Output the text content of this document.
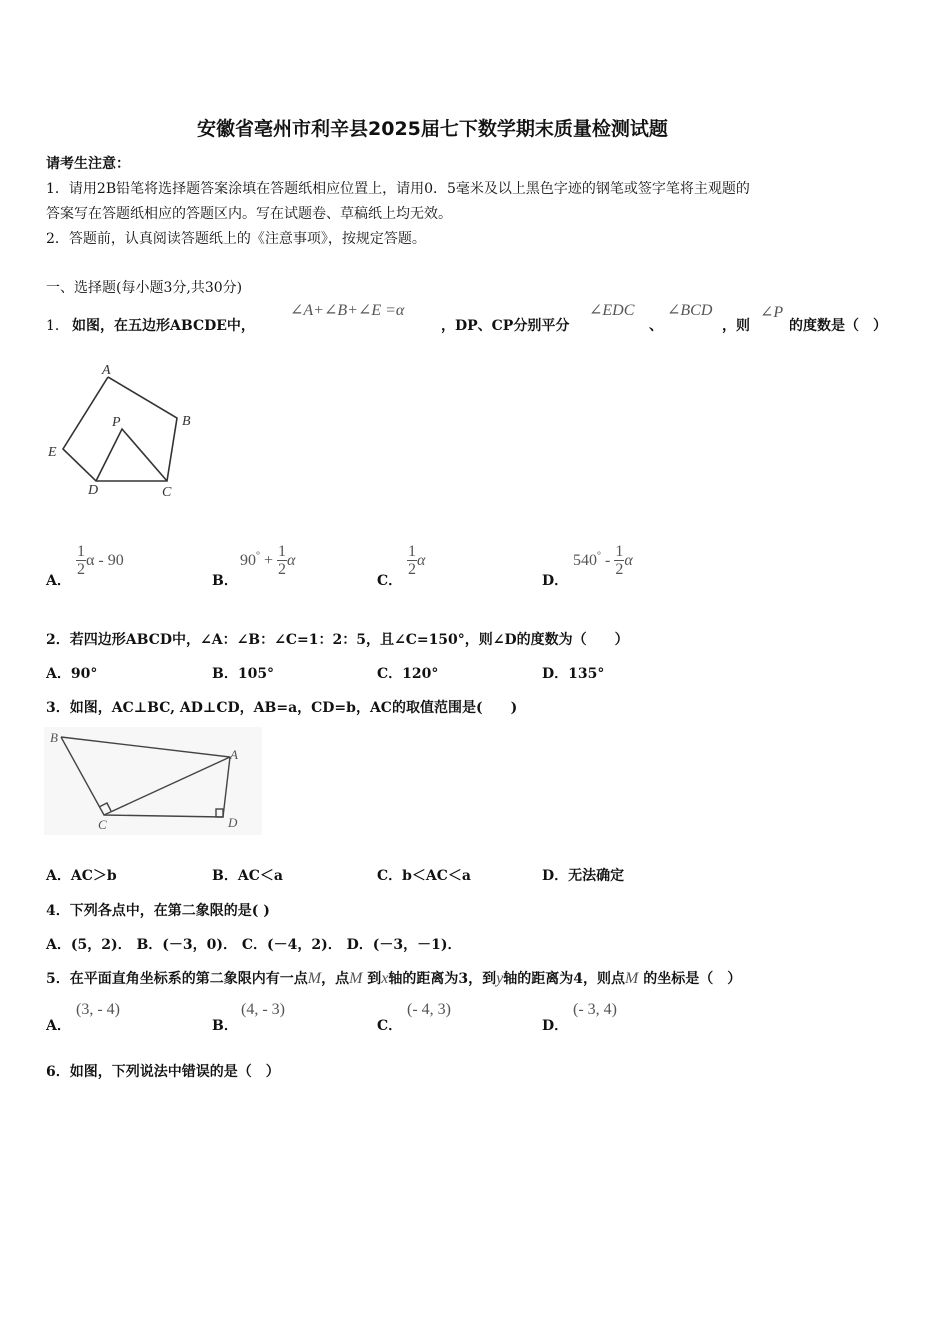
安徽省亳州市利辛县2025届七下数学期末质量检测试题
请考生注意：
1．请用2B铅笔将选择题答案涂填在答题纸相应位置上，请用0．5毫米及以上黑色字迹的钢笔或签字笔将主观题的
答案写在答题纸相应的答题区内。写在试题卷、草稿纸上均无效。
2．答题前，认真阅读答题纸上的《注意事项》，按规定答题。
一、选择题(每小题3分,共30分)
1． 如图，在五边形ABCDE中，
∠A+∠B+∠E =α
，DP、CP分别平分
∠EDC
、
∠BCD
，则
∠P
的度数是（　）
A
B
C
D
E
P
A．
$\frac{1}{2}$ α - 90
B．
$90^\circ + \frac{1}{2}$ α
C．
$\frac{1}{2}$ α
D．
$540^\circ - \frac{1}{2}$ α
2．若四边形ABCD中，∠A：∠B：∠C=1：2：5，且∠C=150°，则∠D的度数为（　　）
A．90°	B．105°	C．120°	D．135°
3．如图，AC⊥BC, AD⊥CD，AB=a，CD=b，AC的取值范围是(　　)
B
A
C	D
A．AC＞b	B．AC＜a	C．b＜AC＜a	D．无法确定
4．下列各点中，在第二象限的是( )
A．(5，2)． B．(－3，0)． C．(－4，2)． D．(－3，－1)．
5．在平面直角坐标系的第二象限内有一点M，点M 到x轴的距离为3，到y轴的距离为4，则点M 的坐标是（　）
A．
(3, - 4)
B．
(4, - 3)
C．
(- 4, 3)
D．
(- 3, 4)
6．如图，下列说法中错误的是（　）
